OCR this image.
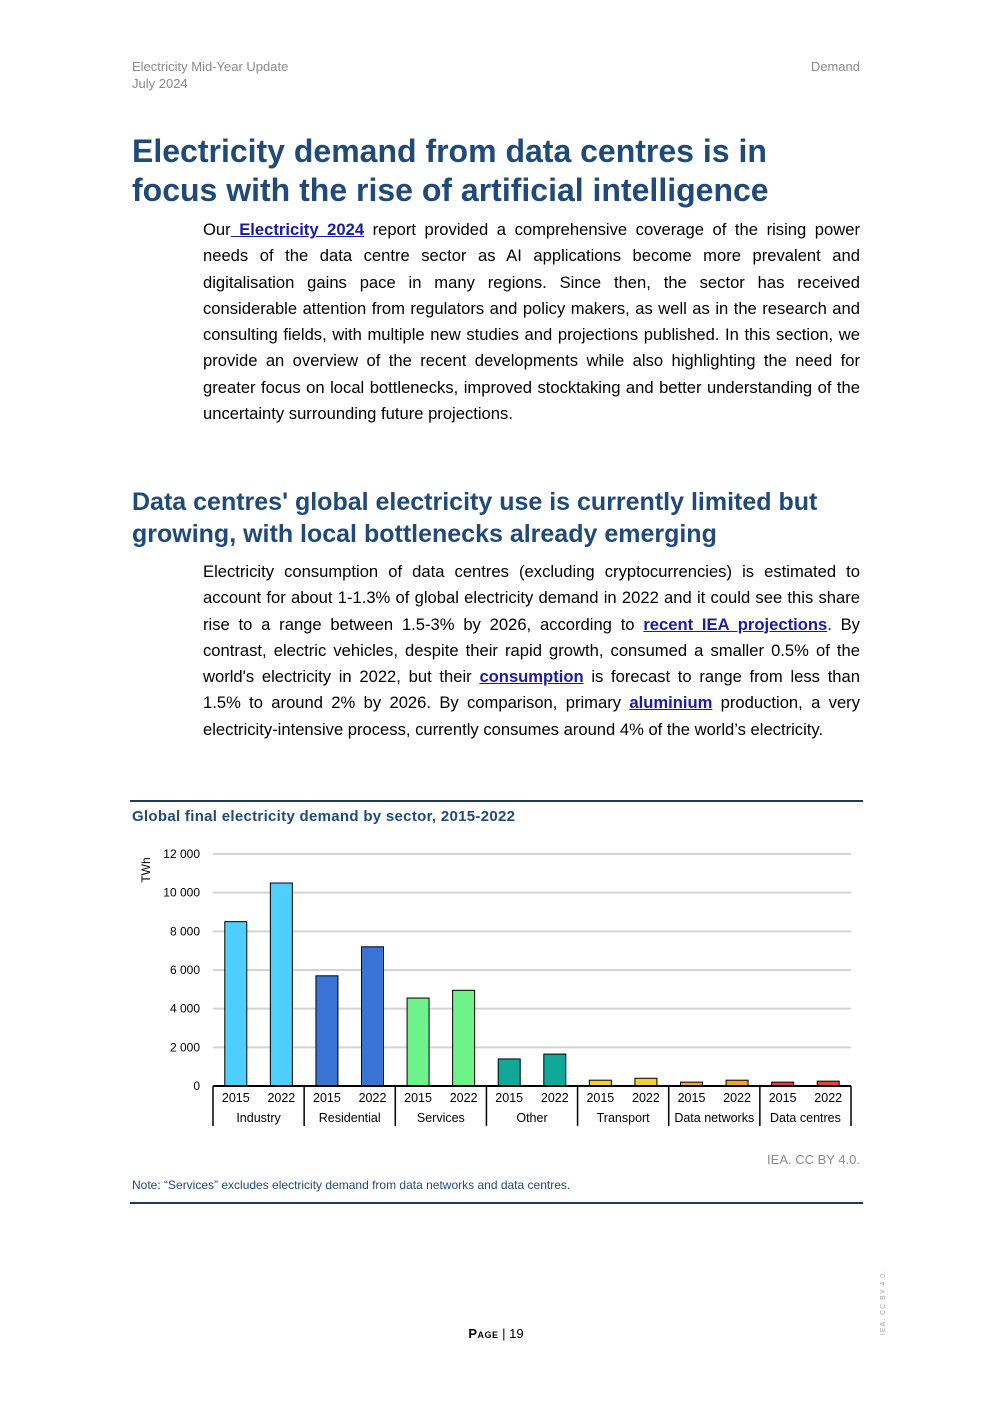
Electricity Mid-Year Update
July 2024
Demand
Electricity demand from data centres is in focus with the rise of artificial intelligence

Our Electricity 2024 report provided a comprehensive coverage of the rising power needs of the data centre sector as AI applications become more prevalent and digitalisation gains pace in many regions. Since then, the sector has received considerable attention from regulators and policy makers, as well as in the research and consulting fields, with multiple new studies and projections published. In this section, we provide an overview of the recent developments while also highlighting the need for greater focus on local bottlenecks, improved stocktaking and better understanding of the uncertainty surrounding future projections.

Data centres' global electricity use is currently limited but growing, with local bottlenecks already emerging

Electricity consumption of data centres (excluding cryptocurrencies) is estimated to account for about 1-1.3% of global electricity demand in 2022 and it could see this share rise to a range between 1.5-3% by 2026, according to recent IEA projections. By contrast, electric vehicles, despite their rapid growth, consumed a smaller 0.5% of the world's electricity in 2022, but their consumption is forecast to range from less than 1.5% to around 2% by 2026. By comparison, primary aluminium production, a very electricity-intensive process, currently consumes around 4% of the world’s electricity.

Global final electricity demand by sector, 2015-2022
0
2 000
4 000
6 000
8 000
10 000
12 000
TWh
2015 2022
Industry
2015 2022
Residential
2015 2022
Services
2015 2022
Other
2015 2022
Transport
2015 2022
Data networks
2015 2022
Data centres
IEA. CC BY 4.0.
Note: “Services” excludes electricity demand from data networks and data centres.
Page | 19	IEA. CC BY 4.0.
